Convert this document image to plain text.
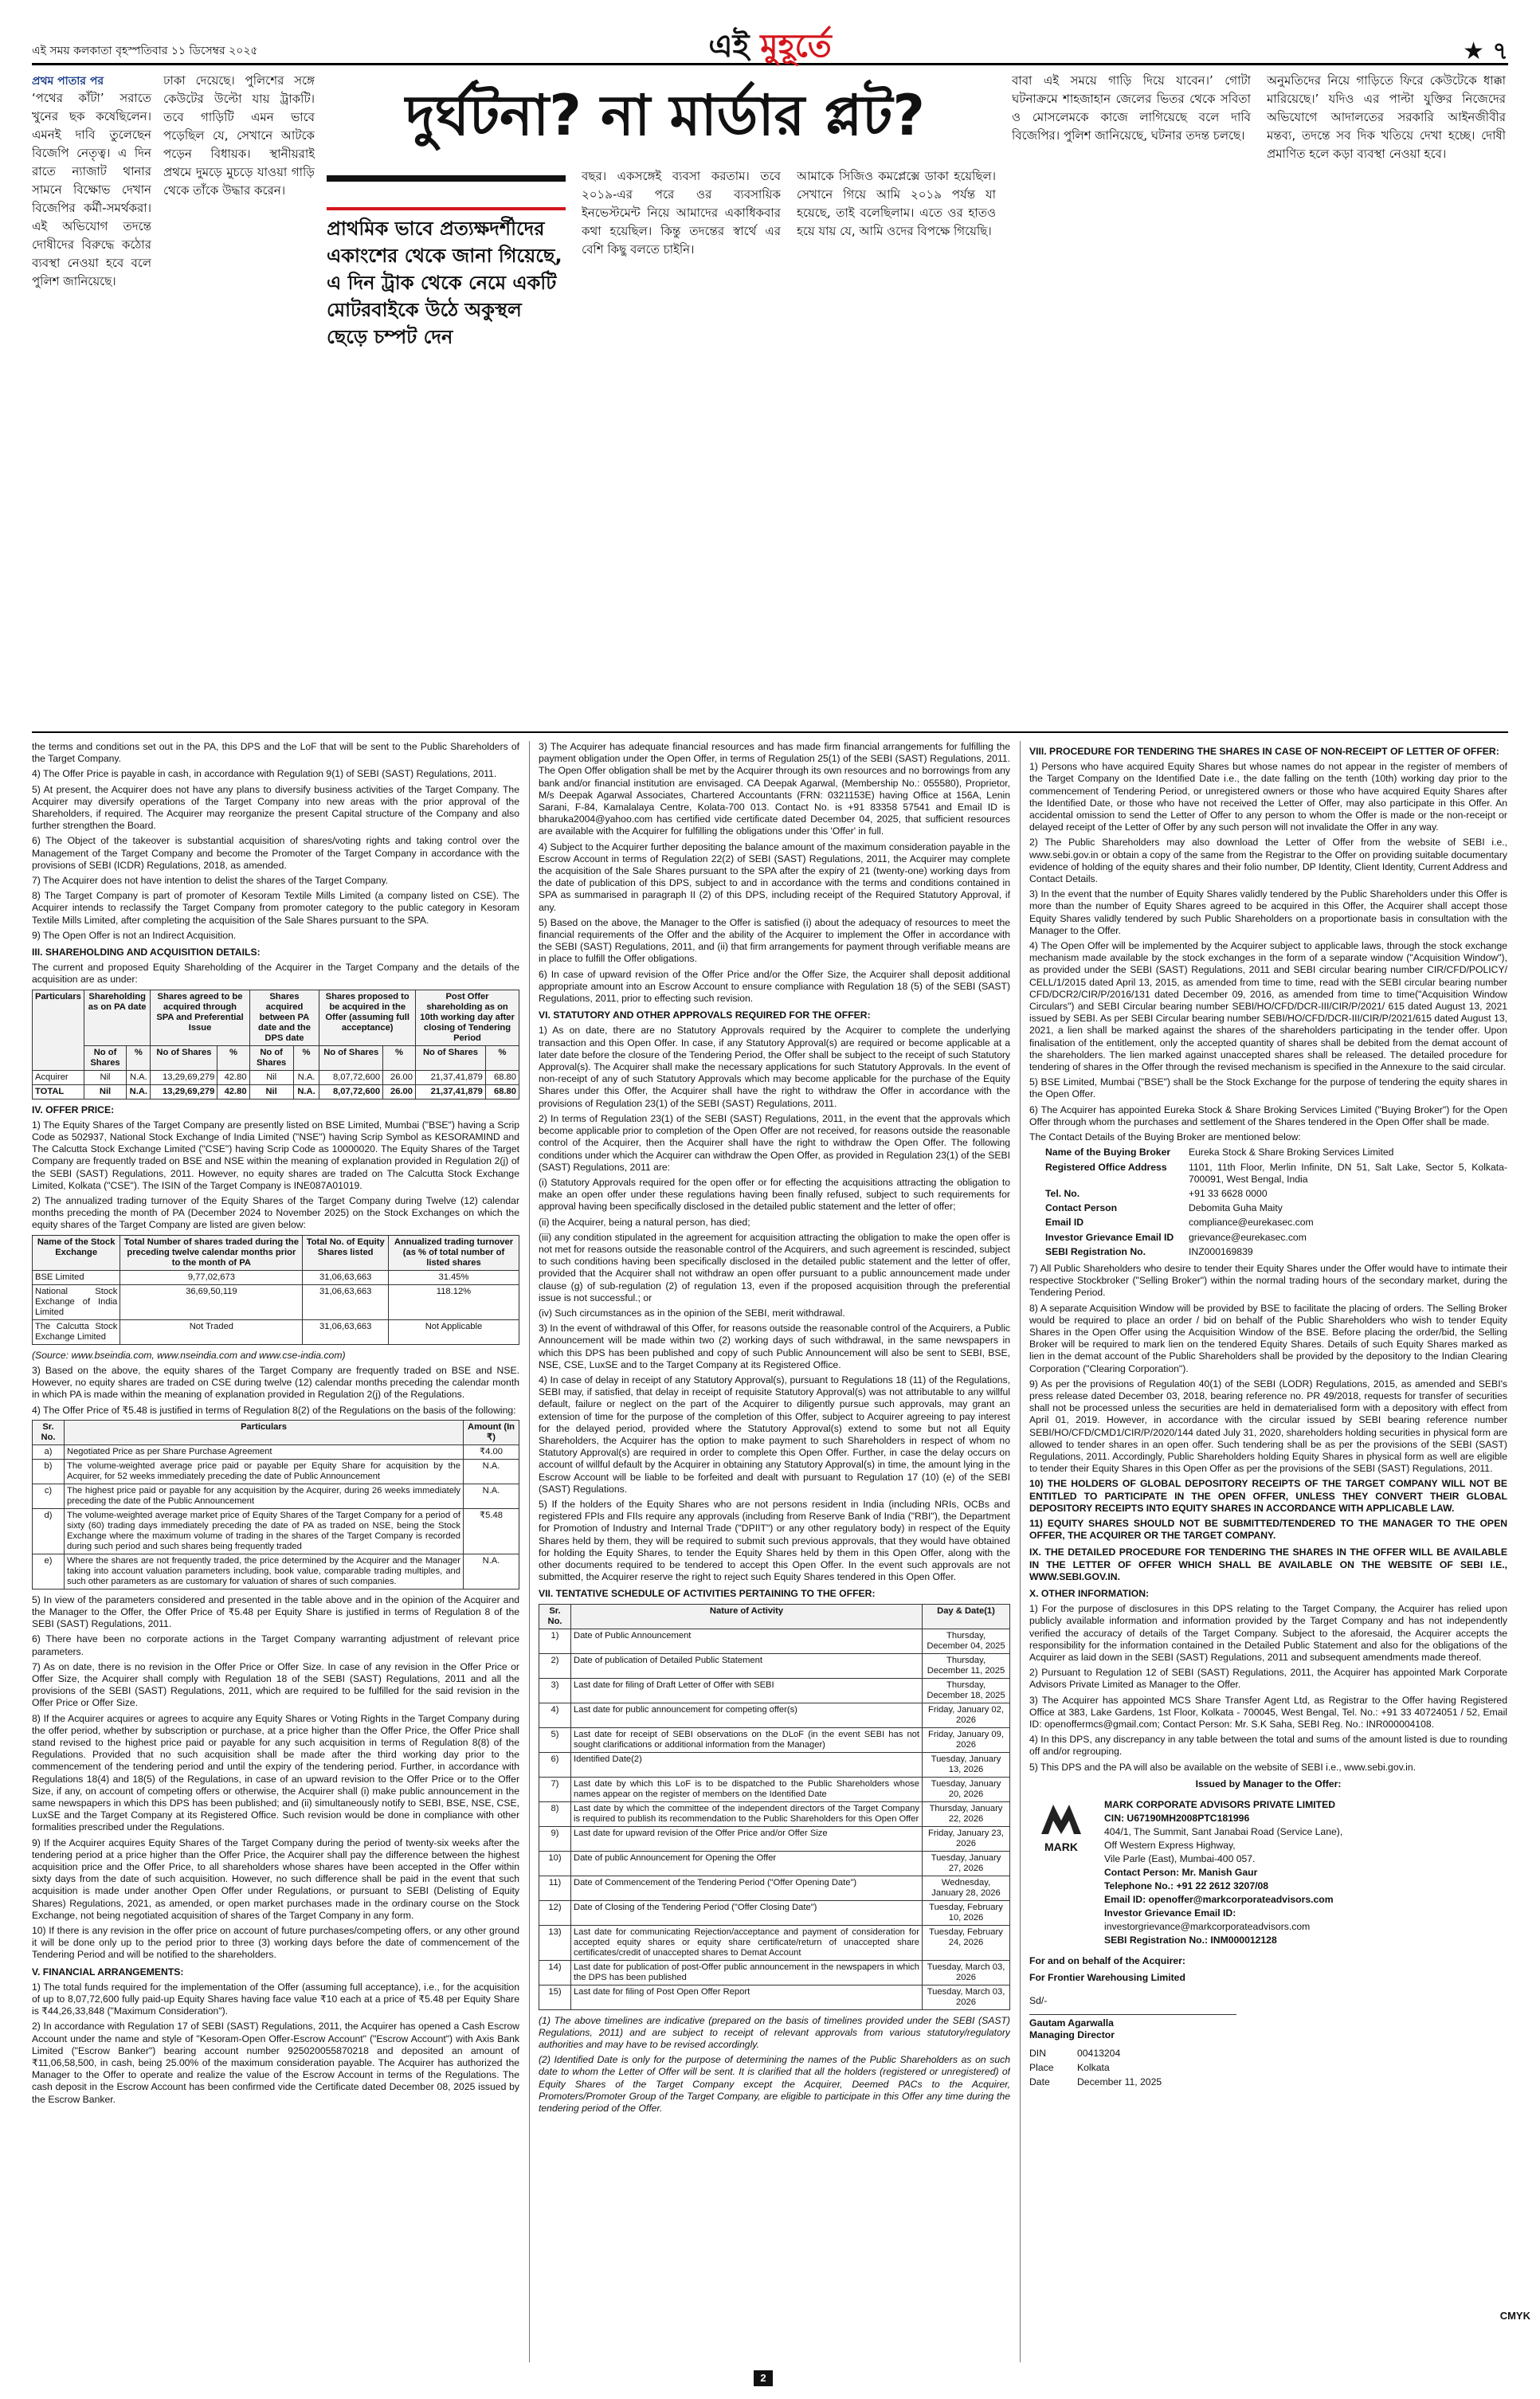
এই সময় কলকাতা বৃহস্পতিবার ১১ ডিসেম্বর ২০২৫	এই মুহূর্তে	★ ৭
প্রথম পাতার পর

‘পথের কাঁটা’ সরাতে খুনের ছক কষেছিলেন। এমনই দাবি তুলেছেন বিজেপি নেতৃত্ব। এ দিন রাতে ন্যাজাট থানার সামনে বিক্ষোভ দেখান বিজেপির কর্মী-সমর্থকরা। এই অভিযোগ তদন্তে দোষীদের বিরুদ্ধে কঠোর ব্যবস্থা নেওয়া হবে বলে পুলিশ জানিয়েছে।

ঢাকা দেয়েছে। পুলিশের সঙ্গে কেউটের উল্টো যায় ট্রাকটি। তবে গাড়িটি এমন ভাবে পড়েছিল যে, সেখানে আটকে পড়েন বিধায়ক। স্থানীয়রাই প্রথমে দুমড়ে মুচড়ে যাওয়া গাড়ি থেকে তাঁকে উদ্ধার করেন।

দুর্ঘটনা? না মার্ডার প্লট?
প্রাথমিক ভাবে প্রত্যক্ষদর্শীদের একাংশের থেকে জানা গিয়েছে, এ দিন ট্রাক থেকে নেমে একটি মোটরবাইকে উঠে অকুস্থল ছেড়ে চম্পট দেন

বছর। একসঙ্গেই ব্যবসা করতাম। তবে ২০১৯-এর পরে ওর ব্যবসায়িক ইনভেস্টমেন্ট নিয়ে আমাদের একাধিকবার কথা হয়েছিল। কিন্তু তদন্তের স্বার্থে এর বেশি কিছু বলতে চাইনি।

আমাকে সিজিও কমপ্লেক্সে ডাকা হয়েছিল। সেখানে গিয়ে আমি ২০১৯ পর্যন্ত যা হয়েছে, তাই বলেছিলাম। এতে ওর হাতও হয়ে যায় যে, আমি ওদের বিপক্ষে গিয়েছি।

বাবা এই সময়ে গাড়ি দিয়ে যাবেন।’ গোটা ঘটনাক্রমে শাহজাহান জেলের ভিতর থেকে সবিতা ও মোসলেমকে কাজে লাগিয়েছে বলে দাবি বিজেপির। পুলিশ জানিয়েছে, ঘটনার তদন্ত চলছে।

অনুমতিদের নিয়ে গাড়িতে ফিরে কেউটেকে ধাক্কা মারিয়েছে।’ যদিও এর পাল্টা যুক্তির নিজেদের অভিযোগে আদালতের সরকারি আইনজীবীর মন্তব্য, তদন্তে সব দিক খতিয়ে দেখা হচ্ছে। দোষী প্রমাণিত হলে কড়া ব্যবস্থা নেওয়া হবে।

the terms and conditions set out in the PA, this DPS and the LoF that will be sent to the Public Shareholders of the Target Company.

4) The Offer Price is payable in cash, in accordance with Regulation 9(1) of SEBI (SAST) Regulations, 2011.

5) At present, the Acquirer does not have any plans to diversify business activities of the Target Company. The Acquirer may diversify operations of the Target Company into new areas with the prior approval of the Shareholders, if required. The Acquirer may reorganize the present Capital structure of the Company and also further strengthen the Board.

6) The Object of the takeover is substantial acquisition of shares/voting rights and taking control over the Management of the Target Company and become the Promoter of the Target Company in accordance with the provisions of SEBI (ICDR) Regulations, 2018, as amended.

7) The Acquirer does not have intention to delist the shares of the Target Company.

8) The Target Company is part of promoter of Kesoram Textile Mills Limited (a company listed on CSE). The Acquirer intends to reclassify the Target Company from promoter category to the public category in Kesoram Textile Mills Limited, after completing the acquisition of the Sale Shares pursuant to the SPA.

9) The Open Offer is not an Indirect Acquisition.

III. SHAREHOLDING AND ACQUISITION DETAILS:

The current and proposed Equity Shareholding of the Acquirer in the Target Company and the details of the acquisition are as under:

Particulars	Shareholding as on PA date		Shares agreed to be acquired through SPA and Preferential Issue		Shares acquired between PA date and the DPS date		Shares proposed to be acquired in the Offer (assuming full acceptance)		Post Offer shareholding as on 10th working day after closing of Tendering Period	
	No of Shares	%	No of Shares	%	No of Shares	%	No of Shares	%	No of Shares	%
Acquirer	Nil	N.A.	13,29,69,279	42.80	Nil	N.A.	8,07,72,600	26.00	21,37,41,879	68.80
TOTAL	Nil	N.A.	13,29,69,279	42.80	Nil	N.A.	8,07,72,600	26.00	21,37,41,879	68.80
IV. OFFER PRICE:

1) The Equity Shares of the Target Company are presently listed on BSE Limited, Mumbai ("BSE") having a Scrip Code as 502937, National Stock Exchange of India Limited ("NSE") having Scrip Symbol as KESORAMIND and The Calcutta Stock Exchange Limited ("CSE") having Scrip Code as 10000020. The Equity Shares of the Target Company are frequently traded on BSE and NSE within the meaning of explanation provided in Regulation 2(j) of the SEBI (SAST) Regulations, 2011. However, no equity shares are traded on The Calcutta Stock Exchange Limited, Kolkata ("CSE"). The ISIN of the Target Company is INE087A01019.

2) The annualized trading turnover of the Equity Shares of the Target Company during Twelve (12) calendar months preceding the month of PA (December 2024 to November 2025) on the Stock Exchanges on which the equity shares of the Target Company are listed are given below:

Name of the Stock Exchange	Total Number of shares traded during the preceding twelve calendar months prior to the month of PA	Total No. of Equity Shares listed	Annualized trading turnover (as % of total number of listed shares
BSE Limited	9,77,02,673	31,06,63,663	31.45%
National Stock Exchange of India Limited	36,69,50,119	31,06,63,663	118.12%
The Calcutta Stock Exchange Limited	Not Traded	31,06,63,663	Not Applicable

(Source: www.bseindia.com, www.nseindia.com and www.cse-india.com)

3) Based on the above, the equity shares of the Target Company are frequently traded on BSE and NSE. However, no equity shares are traded on CSE during twelve (12) calendar months preceding the calendar month in which PA is made within the meaning of explanation provided in Regulation 2(j) of the Regulations.

4) The Offer Price of ₹5.48 is justified in terms of Regulation 8(2) of the Regulations on the basis of the following:

Sr. No.	Particulars	Amount (In ₹)
a)	Negotiated Price as per Share Purchase Agreement	₹4.00
b)	The volume-weighted average price paid or payable per Equity Share for acquisition by the Acquirer, for 52 weeks immediately preceding the date of Public Announcement	N.A.
c)	The highest price paid or payable for any acquisition by the Acquirer, during 26 weeks immediately preceding the date of the Public Announcement	N.A.
d)	The volume-weighted average market price of Equity Shares of the Target Company for a period of sixty (60) trading days immediately preceding the date of PA as traded on NSE, being the Stock Exchange where the maximum volume of trading in the shares of the Target Company is recorded during such period and such shares being frequently traded	₹5.48
e)	Where the shares are not frequently traded, the price determined by the Acquirer and the Manager taking into account valuation parameters including, book value, comparable trading multiples, and such other parameters as are customary for valuation of shares of such companies.	N.A.

5) In view of the parameters considered and presented in the table above and in the opinion of the Acquirer and the Manager to the Offer, the Offer Price of ₹5.48 per Equity Share is justified in terms of Regulation 8 of the SEBI (SAST) Regulations, 2011.

6) There have been no corporate actions in the Target Company warranting adjustment of relevant price parameters.

7) As on date, there is no revision in the Offer Price or Offer Size. In case of any revision in the Offer Price or Offer Size, the Acquirer shall comply with Regulation 18 of the SEBI (SAST) Regulations, 2011 and all the provisions of the SEBI (SAST) Regulations, 2011, which are required to be fulfilled for the said revision in the Offer Price or Offer Size.

8) If the Acquirer acquires or agrees to acquire any Equity Shares or Voting Rights in the Target Company during the offer period, whether by subscription or purchase, at a price higher than the Offer Price, the Offer Price shall stand revised to the highest price paid or payable for any such acquisition in terms of Regulation 8(8) of the Regulations. Provided that no such acquisition shall be made after the third working day prior to the commencement of the tendering period and until the expiry of the tendering period. Further, in accordance with Regulations 18(4) and 18(5) of the Regulations, in case of an upward revision to the Offer Price or to the Offer Size, if any, on account of competing offers or otherwise, the Acquirer shall (i) make public announcement in the same newspapers in which this DPS has been published; and (ii) simultaneously notify to SEBI, BSE, NSE, CSE, LuxSE and the Target Company at its Registered Office. Such revision would be done in compliance with other formalities prescribed under the Regulations.

9) If the Acquirer acquires Equity Shares of the Target Company during the period of twenty-six weeks after the tendering period at a price higher than the Offer Price, the Acquirer shall pay the difference between the highest acquisition price and the Offer Price, to all shareholders whose shares have been accepted in the Offer within sixty days from the date of such acquisition. However, no such difference shall be paid in the event that such acquisition is made under another Open Offer under Regulations, or pursuant to SEBI (Delisting of Equity Shares) Regulations, 2021, as amended, or open market purchases made in the ordinary course on the Stock Exchange, not being negotiated acquisition of shares of the Target Company in any form.

10) If there is any revision in the offer price on account of future purchases/competing offers, or any other ground it will be done only up to the period prior to three (3) working days before the date of commencement of the Tendering Period and will be notified to the shareholders.

V. FINANCIAL ARRANGEMENTS:

1) The total funds required for the implementation of the Offer (assuming full acceptance), i.e., for the acquisition of up to 8,07,72,600 fully paid-up Equity Shares having face value ₹10 each at a price of ₹5.48 per Equity Share is ₹44,26,33,848 ("Maximum Consideration").

2) In accordance with Regulation 17 of SEBI (SAST) Regulations, 2011, the Acquirer has opened a Cash Escrow Account under the name and style of "Kesoram-Open Offer-Escrow Account" ("Escrow Account") with Axis Bank Limited ("Escrow Banker") bearing account number 925020055870218 and deposited an amount of ₹11,06,58,500, in cash, being 25.00% of the maximum consideration payable. The Acquirer has authorized the Manager to the Offer to operate and realize the value of the Escrow Account in terms of the Regulations. The cash deposit in the Escrow Account has been confirmed vide the Certificate dated December 08, 2025 issued by the Escrow Banker.

3) The Acquirer has adequate financial resources and has made firm financial arrangements for fulfilling the payment obligation under the Open Offer, in terms of Regulation 25(1) of the SEBI (SAST) Regulations, 2011. The Open Offer obligation shall be met by the Acquirer through its own resources and no borrowings from any bank and/or financial institution are envisaged. CA Deepak Agarwal, (Membership No.: 055580), Proprietor, M/s Deepak Agarwal Associates, Chartered Accountants (FRN: 0321153E) having Office at 156A, Lenin Sarani, F-84, Kamalalaya Centre, Kolata-700 013. Contact No. is +91 83358 57541 and Email ID is bharuka2004@yahoo.com has certified vide certificate dated December 04, 2025, that sufficient resources are available with the Acquirer for fulfilling the obligations under this 'Offer' in full.

4) Subject to the Acquirer further depositing the balance amount of the maximum consideration payable in the Escrow Account in terms of Regulation 22(2) of SEBI (SAST) Regulations, 2011, the Acquirer may complete the acquisition of the Sale Shares pursuant to the SPA after the expiry of 21 (twenty-one) working days from the date of publication of this DPS, subject to and in accordance with the terms and conditions contained in SPA as summarised in paragraph II (2) of this DPS, including receipt of the Required Statutory Approval, if any.

5) Based on the above, the Manager to the Offer is satisfied (i) about the adequacy of resources to meet the financial requirements of the Offer and the ability of the Acquirer to implement the Offer in accordance with the SEBI (SAST) Regulations, 2011, and (ii) that firm arrangements for payment through verifiable means are in place to fulfill the Offer obligations.

6) In case of upward revision of the Offer Price and/or the Offer Size, the Acquirer shall deposit additional appropriate amount into an Escrow Account to ensure compliance with Regulation 18 (5) of the SEBI (SAST) Regulations, 2011, prior to effecting such revision.

VI. STATUTORY AND OTHER APPROVALS REQUIRED FOR THE OFFER:

1) As on date, there are no Statutory Approvals required by the Acquirer to complete the underlying transaction and this Open Offer. In case, if any Statutory Approval(s) are required or become applicable at a later date before the closure of the Tendering Period, the Offer shall be subject to the receipt of such Statutory Approval(s). The Acquirer shall make the necessary applications for such Statutory Approvals. In the event of non-receipt of any of such Statutory Approvals which may become applicable for the purchase of the Equity Shares under this Offer, the Acquirer shall have the right to withdraw the Offer in accordance with the provisions of Regulation 23(1) of the SEBI (SAST) Regulations, 2011.

2) In terms of Regulation 23(1) of the SEBI (SAST) Regulations, 2011, in the event that the approvals which become applicable prior to completion of the Open Offer are not received, for reasons outside the reasonable control of the Acquirer, then the Acquirer shall have the right to withdraw the Open Offer. The following conditions under which the Acquirer can withdraw the Open Offer, as provided in Regulation 23(1) of the SEBI (SAST) Regulations, 2011 are:

(i) Statutory Approvals required for the open offer or for effecting the acquisitions attracting the obligation to make an open offer under these regulations having been finally refused, subject to such requirements for approval having been specifically disclosed in the detailed public statement and the letter of offer;

(ii) the Acquirer, being a natural person, has died;

(iii) any condition stipulated in the agreement for acquisition attracting the obligation to make the open offer is not met for reasons outside the reasonable control of the Acquirers, and such agreement is rescinded, subject to such conditions having been specifically disclosed in the detailed public statement and the letter of offer, provided that the Acquirer shall not withdraw an open offer pursuant to a public announcement made under clause (g) of sub-regulation (2) of regulation 13, even if the proposed acquisition through the preferential issue is not successful.; or

(iv) Such circumstances as in the opinion of the SEBI, merit withdrawal.

3) In the event of withdrawal of this Offer, for reasons outside the reasonable control of the Acquirers, a Public Announcement will be made within two (2) working days of such withdrawal, in the same newspapers in which this DPS has been published and copy of such Public Announcement will also be sent to SEBI, BSE, NSE, CSE, LuxSE and to the Target Company at its Registered Office.

4) In case of delay in receipt of any Statutory Approval(s), pursuant to Regulations 18 (11) of the Regulations, SEBI may, if satisfied, that delay in receipt of requisite Statutory Approval(s) was not attributable to any willful default, failure or neglect on the part of the Acquirer to diligently pursue such approvals, may grant an extension of time for the purpose of the completion of this Offer, subject to Acquirer agreeing to pay interest for the delayed period, provided where the Statutory Approval(s) extend to some but not all Equity Shareholders, the Acquirer has the option to make payment to such Shareholders in respect of whom no Statutory Approval(s) are required in order to complete this Open Offer. Further, in case the delay occurs on account of willful default by the Acquirer in obtaining any Statutory Approval(s) in time, the amount lying in the Escrow Account will be liable to be forfeited and dealt with pursuant to Regulation 17 (10) (e) of the SEBI (SAST) Regulations.

5) If the holders of the Equity Shares who are not persons resident in India (including NRIs, OCBs and registered FPIs and FIIs require any approvals (including from Reserve Bank of India ("RBI"), the Department for Promotion of Industry and Internal Trade ("DPIIT") or any other regulatory body) in respect of the Equity Shares held by them, they will be required to submit such previous approvals, that they would have obtained for holding the Equity Shares, to tender the Equity Shares held by them in this Open Offer, along with the other documents required to be tendered to accept this Open Offer. In the event such approvals are not submitted, the Acquirer reserve the right to reject such Equity Shares tendered in this Open Offer.

VII. TENTATIVE SCHEDULE OF ACTIVITIES PERTAINING TO THE OFFER:
Sr. No.	Nature of Activity	Day & Date(1)
1)	Date of Public Announcement	Thursday, December 04, 2025
2)	Date of publication of Detailed Public Statement	Thursday, December 11, 2025
3)	Last date for filing of Draft Letter of Offer with SEBI	Thursday, December 18, 2025
4)	Last date for public announcement for competing offer(s)	Friday, January 02, 2026
5)	Last date for receipt of SEBI observations on the DLoF (in the event SEBI has not sought clarifications or additional information from the Manager)	Friday, January 09, 2026
6)	Identified Date(2)	Tuesday, January 13, 2026
7)	Last date by which this LoF is to be dispatched to the Public Shareholders whose names appear on the register of members on the Identified Date	Tuesday, January 20, 2026
8)	Last date by which the committee of the independent directors of the Target Company is required to publish its recommendation to the Public Shareholders for this Open Offer	Thursday, January 22, 2026
9)	Last date for upward revision of the Offer Price and/or Offer Size	Friday, January 23, 2026
10)	Date of public Announcement for Opening the Offer	Tuesday, January 27, 2026
11)	Date of Commencement of the Tendering Period ("Offer Opening Date")	Wednesday, January 28, 2026
12)	Date of Closing of the Tendering Period ("Offer Closing Date")	Tuesday, February 10, 2026
13)	Last date for communicating Rejection/acceptance and payment of consideration for accepted equity shares or equity share certificate/return of unaccepted share certificates/credit of unaccepted shares to Demat Account	Tuesday, February 24, 2026
14)	Last date for publication of post-Offer public announcement in the newspapers in which the DPS has been published	Tuesday, March 03, 2026
15)	Last date for filing of Post Open Offer Report	Tuesday, March 03, 2026

(1) The above timelines are indicative (prepared on the basis of timelines provided under the SEBI (SAST) Regulations, 2011) and are subject to receipt of relevant approvals from various statutory/regulatory authorities and may have to be revised accordingly.

(2) Identified Date is only for the purpose of determining the names of the Public Shareholders as on such date to whom the Letter of Offer will be sent. It is clarified that all the holders (registered or unregistered) of Equity Shares of the Target Company except the Acquirer, Deemed PACs to the Acquirer, Promoters/Promoter Group of the Target Company, are eligible to participate in this Offer any time during the tendering period of the Offer.

VIII. PROCEDURE FOR TENDERING THE SHARES IN CASE OF NON-RECEIPT OF LETTER OF OFFER:

1) Persons who have acquired Equity Shares but whose names do not appear in the register of members of the Target Company on the Identified Date i.e., the date falling on the tenth (10th) working day prior to the commencement of Tendering Period, or unregistered owners or those who have acquired Equity Shares after the Identified Date, or those who have not received the Letter of Offer, may also participate in this Offer. An accidental omission to send the Letter of Offer to any person to whom the Offer is made or the non-receipt or delayed receipt of the Letter of Offer by any such person will not invalidate the Offer in any way.

2) The Public Shareholders may also download the Letter of Offer from the website of SEBI i.e., www.sebi.gov.in or obtain a copy of the same from the Registrar to the Offer on providing suitable documentary evidence of holding of the equity shares and their folio number, DP Identity, Client Identity, Current Address and Contact Details.

3) In the event that the number of Equity Shares validly tendered by the Public Shareholders under this Offer is more than the number of Equity Shares agreed to be acquired in this Offer, the Acquirer shall accept those Equity Shares validly tendered by such Public Shareholders on a proportionate basis in consultation with the Manager to the Offer.

4) The Open Offer will be implemented by the Acquirer subject to applicable laws, through the stock exchange mechanism made available by the stock exchanges in the form of a separate window ("Acquisition Window"), as provided under the SEBI (SAST) Regulations, 2011 and SEBI circular bearing number CIR/CFD/POLICY/ CELL/1/2015 dated April 13, 2015, as amended from time to time, read with the SEBI circular bearing number CFD/DCR2/CIR/P/2016/131 dated December 09, 2016, as amended from time to time("Acquisition Window Circulars") and SEBI Circular bearing number SEBI/HO/CFD/DCR-III/CIR/P/2021/ 615 dated August 13, 2021 issued by SEBI. As per SEBI Circular bearing number SEBI/HO/CFD/DCR-III/CIR/P/2021/615 dated August 13, 2021, a lien shall be marked against the shares of the shareholders participating in the tender offer. Upon finalisation of the entitlement, only the accepted quantity of shares shall be debited from the demat account of the shareholders. The lien marked against unaccepted shares shall be released. The detailed procedure for tendering of shares in the Offer through the revised mechanism is specified in the Annexure to the said circular.

5) BSE Limited, Mumbai ("BSE") shall be the Stock Exchange for the purpose of tendering the equity shares in the Open Offer.

6) The Acquirer has appointed Eureka Stock & Share Broking Services Limited ("Buying Broker") for the Open Offer through whom the purchases and settlement of the Shares tendered in the Open Offer shall be made.

The Contact Details of the Buying Broker are mentioned below:

Name of the Buying Broker	Eureka Stock & Share Broking Services Limited
Registered Office Address	1101, 11th Floor, Merlin Infinite, DN 51, Salt Lake, Sector 5, Kolkata-700091, West Bengal, India
Tel. No.	+91 33 6628 0000
Contact Person	Debomita Guha Maity
Email ID	compliance@eurekasec.com
Investor Grievance Email ID	grievance@eurekasec.com
SEBI Registration No.	INZ000169839

7) All Public Shareholders who desire to tender their Equity Shares under the Offer would have to intimate their respective Stockbroker ("Selling Broker") within the normal trading hours of the secondary market, during the Tendering Period.

8) A separate Acquisition Window will be provided by BSE to facilitate the placing of orders. The Selling Broker would be required to place an order / bid on behalf of the Public Shareholders who wish to tender Equity Shares in the Open Offer using the Acquisition Window of the BSE. Before placing the order/bid, the Selling Broker will be required to mark lien on the tendered Equity Shares. Details of such Equity Shares marked as lien in the demat account of the Public Shareholders shall be provided by the depository to the Indian Clearing Corporation ("Clearing Corporation").

9) As per the provisions of Regulation 40(1) of the SEBI (LODR) Regulations, 2015, as amended and SEBI's press release dated December 03, 2018, bearing reference no. PR 49/2018, requests for transfer of securities shall not be processed unless the securities are held in dematerialised form with a depository with effect from April 01, 2019. However, in accordance with the circular issued by SEBI bearing reference number SEBI/HO/CFD/CMD1/CIR/P/2020/144 dated July 31, 2020, shareholders holding securities in physical form are allowed to tender shares in an open offer. Such tendering shall be as per the provisions of the SEBI (SAST) Regulations, 2011. Accordingly, Public Shareholders holding Equity Shares in physical form as well are eligible to tender their Equity Shares in this Open Offer as per the provisions of the SEBI (SAST) Regulations, 2011.

10) THE HOLDERS OF GLOBAL DEPOSITORY RECEIPTS OF THE TARGET COMPANY WILL NOT BE ENTITLED TO PARTICIPATE IN THE OPEN OFFER, UNLESS THEY CONVERT THEIR GLOBAL DEPOSITORY RECEIPTS INTO EQUITY SHARES IN ACCORDANCE WITH APPLICABLE LAW.

11) EQUITY SHARES SHOULD NOT BE SUBMITTED/TENDERED TO THE MANAGER TO THE OPEN OFFER, THE ACQUIRER OR THE TARGET COMPANY.

IX. THE DETAILED PROCEDURE FOR TENDERING THE SHARES IN THE OFFER WILL BE AVAILABLE IN THE LETTER OF OFFER WHICH SHALL BE AVAILABLE ON THE WEBSITE OF SEBI I.E., WWW.SEBI.GOV.IN.
X. OTHER INFORMATION:

1) For the purpose of disclosures in this DPS relating to the Target Company, the Acquirer has relied upon publicly available information and information provided by the Target Company and has not independently verified the accuracy of details of the Target Company. Subject to the aforesaid, the Acquirer accepts the responsibility for the information contained in the Detailed Public Statement and also for the obligations of the Acquirer as laid down in the SEBI (SAST) Regulations, 2011 and subsequent amendments made thereof.

2) Pursuant to Regulation 12 of SEBI (SAST) Regulations, 2011, the Acquirer has appointed Mark Corporate Advisors Private Limited as Manager to the Offer.

3) The Acquirer has appointed MCS Share Transfer Agent Ltd, as Registrar to the Offer having Registered Office at 383, Lake Gardens, 1st Floor, Kolkata - 700045, West Bengal, Tel. No.: +91 33 40724051 / 52, Email ID: openoffermcs@gmail.com; Contact Person: Mr. S.K Saha, SEBI Reg. No.: INR000004108.

4) In this DPS, any discrepancy in any table between the total and sums of the amount listed is due to rounding off and/or regrouping.

5) This DPS and the PA will also be available on the website of SEBI i.e., www.sebi.gov.in.

Issued by Manager to the Offer:
MARK
MARK CORPORATE ADVISORS PRIVATE LIMITED
CIN: U67190MH2008PTC181996
404/1, The Summit, Sant Janabai Road (Service Lane),
Off Western Express Highway,
Vile Parle (East), Mumbai-400 057.
Contact Person: Mr. Manish Gaur
Telephone No.: +91 22 2612 3207/08
Email ID: openoffer@markcorporateadvisors.com
Investor Grievance Email ID:
investorgrievance@markcorporateadvisors.com
SEBI Registration No.: INM000012128
For and on behalf of the Acquirer:
For Frontier Warehousing Limited
Sd/-
Gautam Agarwalla
Managing Director
DIN	00413204
Place	Kolkata
Date	December 11, 2025
2
CMYK
